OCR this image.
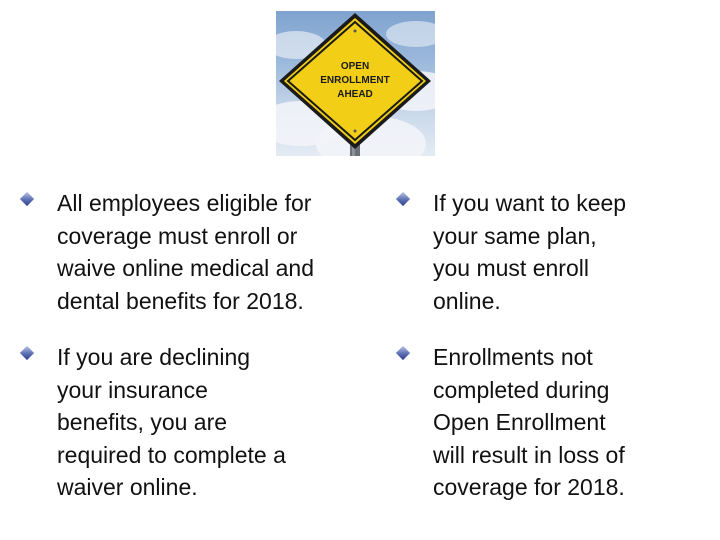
OPEN
ENROLLMENT
AHEAD
All employees eligible for
coverage must enroll or
waive online medical and
dental benefits for 2018.
If you want to keep
your same plan,
you must enroll
online.
If you are declining
your insurance
benefits, you are
required to complete a
waiver online.
Enrollments not
completed during
Open Enrollment
will result in loss of
coverage for 2018.
